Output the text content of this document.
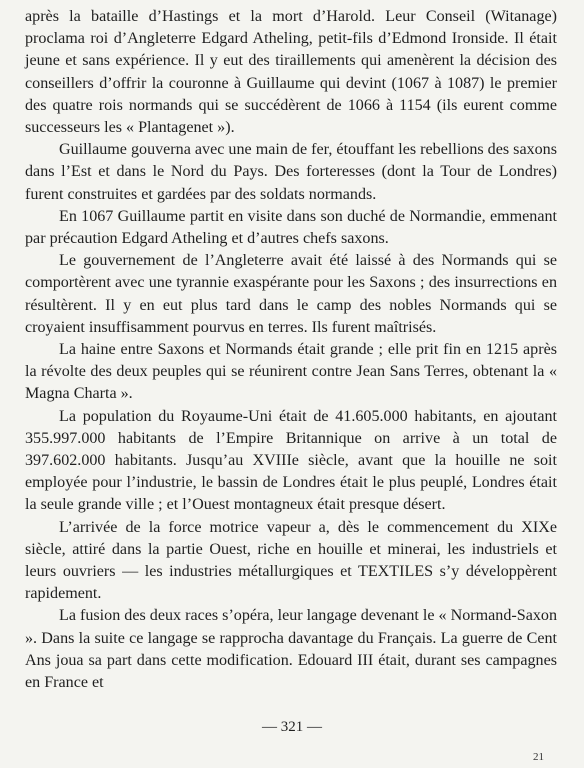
après la bataille d’Hastings et la mort d’Harold. Leur Conseil (Witanage) proclama roi d’Angleterre Edgard Atheling, petit-fils d’Edmond Ironside. Il était jeune et sans expérience. Il y eut des tiraillements qui amenèrent la décision des conseillers d’offrir la couronne à Guillaume qui devint (1067 à 1087) le premier des quatre rois normands qui se succédèrent de 1066 à 1154 (ils eurent comme successeurs les « Plantagenet »).

Guillaume gouverna avec une main de fer, étouffant les rebellions des saxons dans l’Est et dans le Nord du Pays. Des forteresses (dont la Tour de Londres) furent construites et gardées par des soldats normands.

En 1067 Guillaume partit en visite dans son duché de Normandie, emmenant par précaution Edgard Atheling et d’autres chefs saxons.

Le gouvernement de l’Angleterre avait été laissé à des Normands qui se comportèrent avec une tyrannie exaspérante pour les Saxons ; des insurrections en résultèrent. Il y en eut plus tard dans le camp des nobles Normands qui se croyaient insuffisamment pourvus en terres. Ils furent maîtrisés.

La haine entre Saxons et Normands était grande ; elle prit fin en 1215 après la révolte des deux peuples qui se réunirent contre Jean Sans Terres, obtenant la « Magna Charta ».

La population du Royaume-Uni était de 41.605.000 habitants, en ajoutant 355.997.000 habitants de l’Empire Britannique on arrive à un total de 397.602.000 habitants. Jusqu’au XVIIIe siècle, avant que la houille ne soit employée pour l’industrie, le bassin de Londres était le plus peuplé, Londres était la seule grande ville ; et l’Ouest montagneux était presque désert.

L’arrivée de la force motrice vapeur a, dès le commencement du XIXe siècle, attiré dans la partie Ouest, riche en houille et minerai, les industriels et leurs ouvriers — les industries métallurgiques et TEXTILES s’y développèrent rapidement.

La fusion des deux races s’opéra, leur langage devenant le « Normand-Saxon ». Dans la suite ce langage se rapprocha davantage du Français. La guerre de Cent Ans joua sa part dans cette modification. Edouard III était, durant ses campagnes en France et

— 321 —
21
